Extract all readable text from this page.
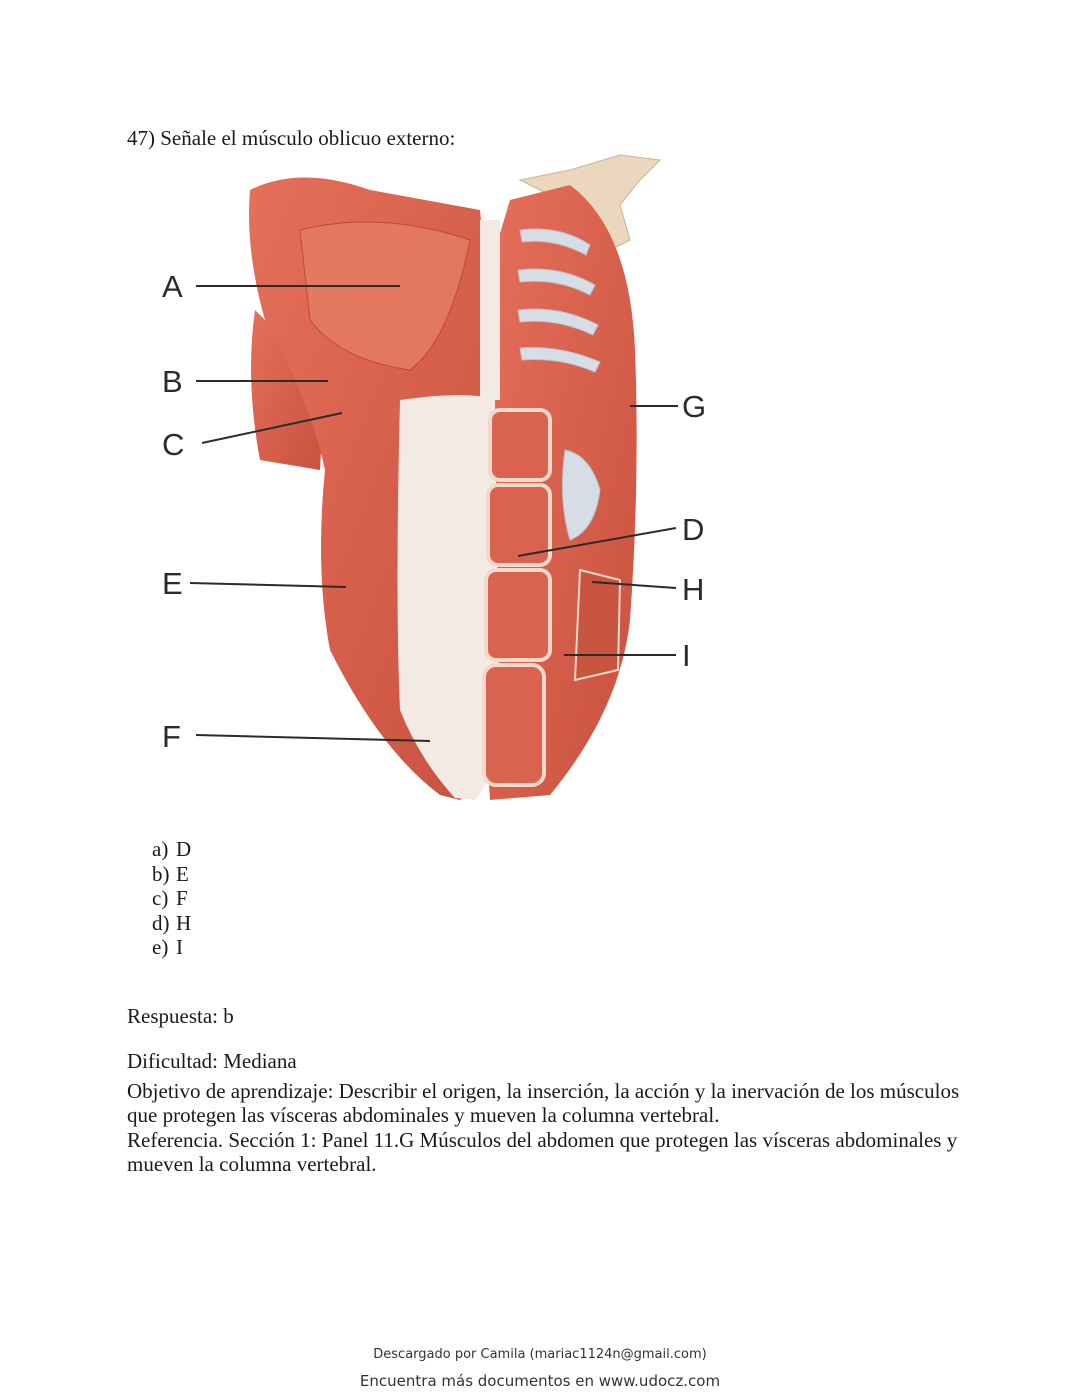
47) Señale el músculo oblicuo externo:
A
B
C
E
F
G
D
H
I
a) D
b) E
c) F
d) H
e) I
Respuesta: b
Dificultad: Mediana
Objetivo de aprendizaje: Describir el origen, la inserción, la acción y la inervación de los músculos que protegen las vísceras abdominales y mueven la columna vertebral.
Referencia. Sección 1: Panel 11.G Músculos del abdomen que protegen las vísceras abdominales y mueven la columna vertebral.
Descargado por Camila (mariac1124n@gmail.com)
Encuentra más documentos en www.udocz.com
